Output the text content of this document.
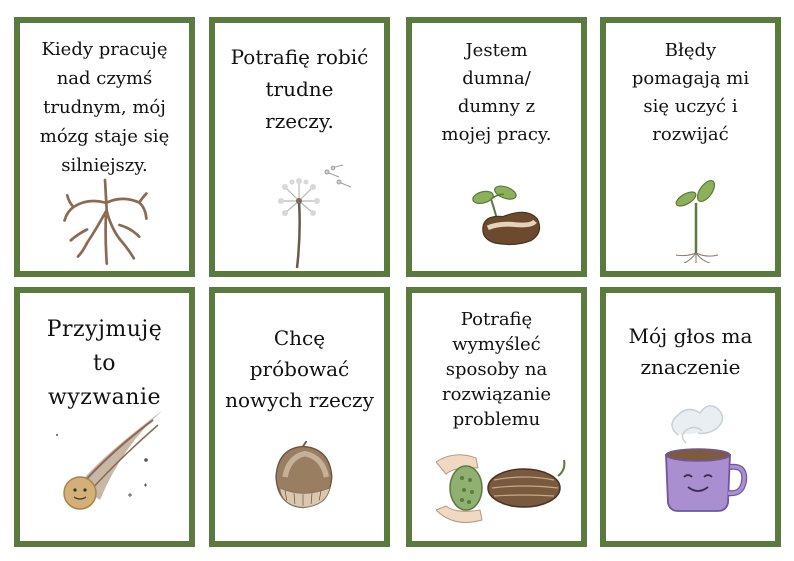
Kiedy pracuję
nad czymś
trudnym, mój
mózg staje się
silniejszy.
Potrafię robić
trudne
rzeczy.
Jestem
dumna/
dumny z
mojej pracy.
Błędy
pomagają mi
się uczyć i
rozwijać
Przyjmuję
to
wyzwanie
Chcę
próbować
nowych rzeczy
Potrafię
wymyśleć
sposoby na
rozwiązanie
problemu
Mój głos ma
znaczenie
